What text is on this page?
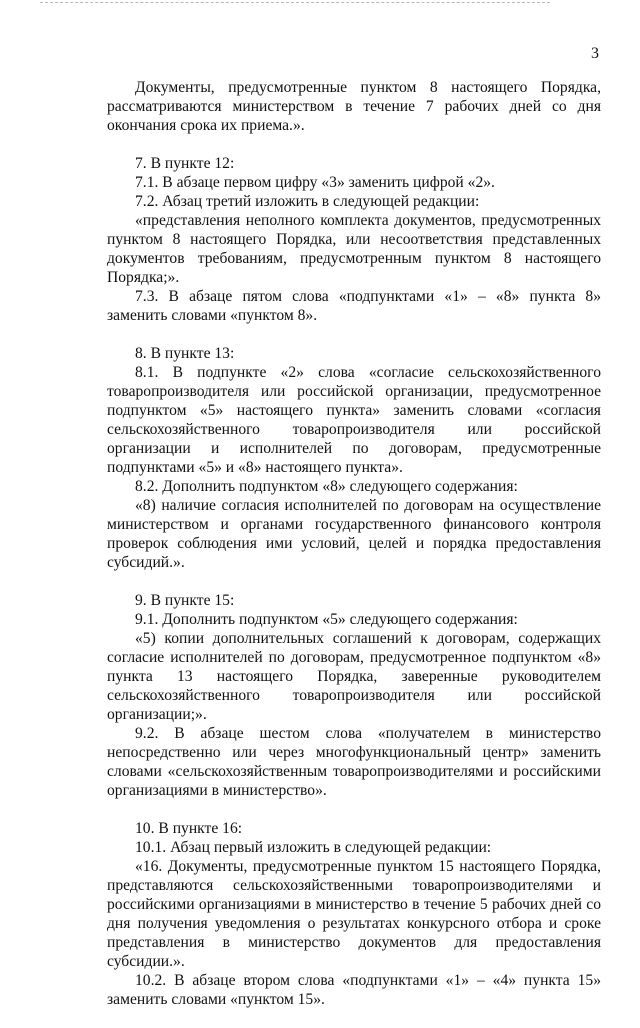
3

Документы, предусмотренные пунктом 8 настоящего Порядка, рассматриваются министерством в течение 7 рабочих дней со дня окончания срока их приема.».

7. В пункте 12:

7.1. В абзаце первом цифру «3» заменить цифрой «2».

7.2. Абзац третий изложить в следующей редакции:

«представления неполного комплекта документов, предусмотренных пунктом 8 настоящего Порядка, или несоответствия представленных документов требованиям, предусмотренным пунктом 8 настоящего Порядка;».

7.3. В абзаце пятом слова «подпунктами «1» – «8» пункта 8» заменить словами «пунктом 8».

8. В пункте 13:

8.1. В подпункте «2» слова «согласие сельскохозяйственного товаропроизводителя или российской организации, предусмотренное подпунктом «5» настоящего пункта» заменить словами «согласия сельскохозяйственного товаропроизводителя или российской организации и исполнителей по договорам, предусмотренные подпунктами «5» и «8» настоящего пункта».

8.2. Дополнить подпунктом «8» следующего содержания:

«8) наличие согласия исполнителей по договорам на осуществление министерством и органами государственного финансового контроля проверок соблюдения ими условий, целей и порядка предоставления субсидий.».

9. В пункте 15:

9.1. Дополнить подпунктом «5» следующего содержания:

«5) копии дополнительных соглашений к договорам, содержащих согласие исполнителей по договорам, предусмотренное подпунктом «8» пункта 13 настоящего Порядка, заверенные руководителем сельскохозяйственного товаропроизводителя или российской организации;».

9.2. В абзаце шестом слова «получателем в министерство непосредственно или через многофункциональный центр» заменить словами «сельскохозяйственным товаропроизводителями и российскими организациями в министерство».

10. В пункте 16:

10.1. Абзац первый изложить в следующей редакции:

«16. Документы, предусмотренные пунктом 15 настоящего Порядка, представляются сельскохозяйственными товаропроизводителями и российскими организациями в министерство в течение 5 рабочих дней со дня получения уведомления о результатах конкурсного отбора и сроке представления в министерство документов для предоставления субсидии.».

10.2. В абзаце втором слова «подпунктами «1» – «4» пункта 15» заменить словами «пунктом 15».
